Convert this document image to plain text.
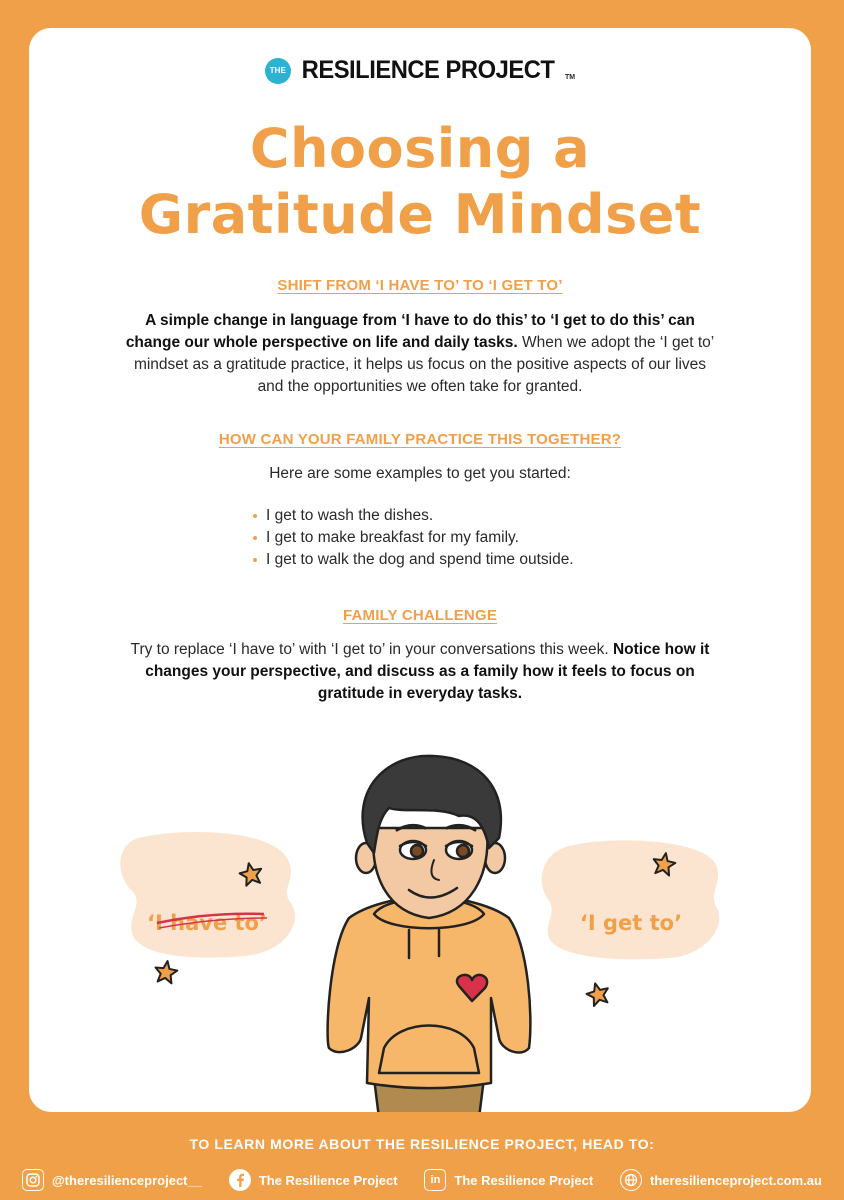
THE RESILIENCE PROJECT TM
Choosing a
Gratitude Mindset
SHIFT FROM ‘I HAVE TO’ TO ‘I GET TO’
A simple change in language from ‘I have to do this’ to ‘I get to do this’ can change our whole perspective on life and daily tasks. When we adopt the ‘I get to’ mindset as a gratitude practice, it helps us focus on the positive aspects of our lives and the opportunities we often take for granted.
HOW CAN YOUR FAMILY PRACTICE THIS TOGETHER?
Here are some examples to get you started:
I get to wash the dishes.
I get to make breakfast for my family.
I get to walk the dog and spend time outside.
FAMILY CHALLENGE
Try to replace ‘I have to’ with ‘I get to’ in your conversations this week. Notice how it changes your perspective, and discuss as a family how it feels to focus on gratitude in everyday tasks.
‘I have to’	‘I get to’
TO LEARN MORE ABOUT THE RESILIENCE PROJECT, HEAD TO:
@theresilienceproject__	The Resilience Project	in	The Resilience Project	theresilienceproject.com.au
